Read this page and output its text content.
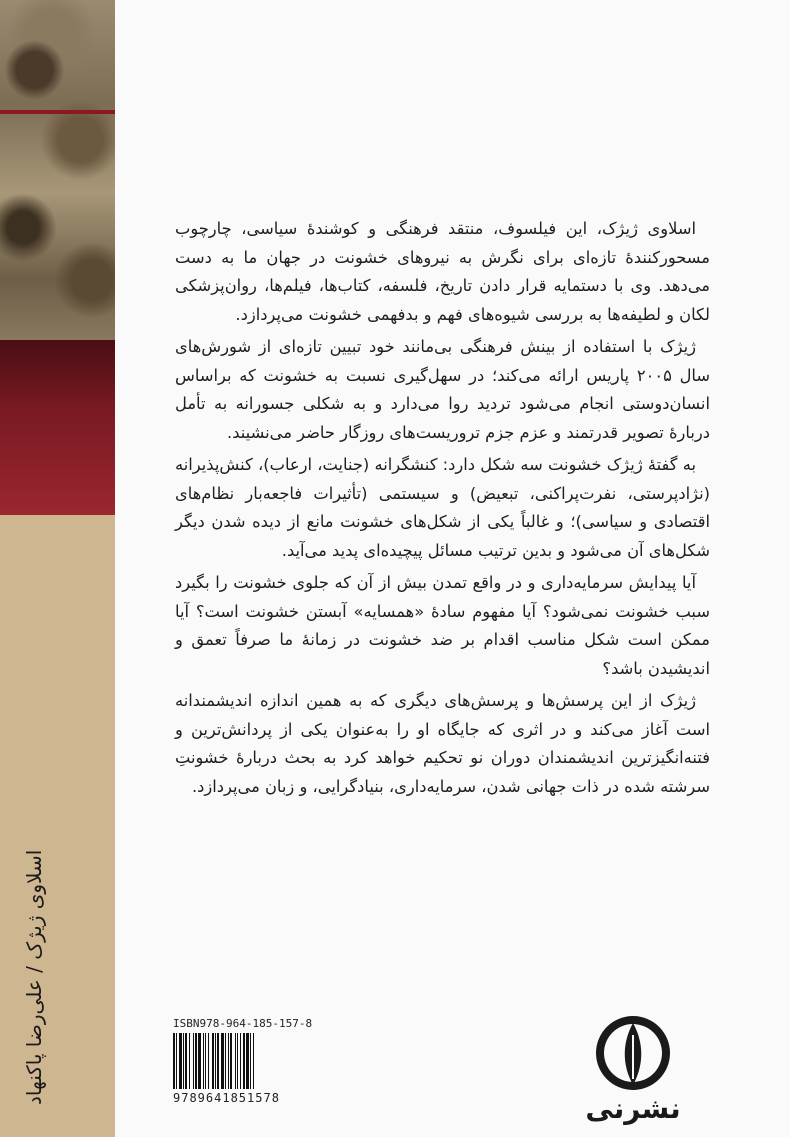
اسلاوی ژیژک / علی‌رضا پاکنهاد

اسلاوی ژیژک، این فیلسوف، منتقد فرهنگی و کوشندهٔ سیاسی، چارچوب مسحورکنندهٔ تازه‌ای برای نگرش به نیروهای خشونت در جهان ما به دست می‌دهد. وی با دستمایه قرار دادن تاریخ، فلسفه، کتاب‌ها، فیلم‌ها، روان‌پزشکی لکان و لطیفه‌ها به بررسی شیوه‌های فهم و بدفهمی خشونت می‌پردازد.

ژیژک با استفاده از بینش فرهنگی بی‌مانند خود تبیین تازه‌ای از شورش‌های سال ۲۰۰۵ پاریس ارائه می‌کند؛ در سهل‌گیری نسبت به خشونت که براساس انسان‌دوستی انجام می‌شود تردید روا می‌دارد و به شکلی جسورانه به تأمل دربارهٔ تصویر قدرتمند و عزم جزم تروریست‌های روزگار حاضر می‌نشیند.

به گفتهٔ ژیژک خشونت سه شکل دارد: کنشگرانه (جنایت، ارعاب)، کنش‌پذیرانه (نژادپرستی، نفرت‌پراکنی، تبعیض) و سیستمی (تأثیرات فاجعه‌بار نظام‌های اقتصادی و سیاسی)؛ و غالباً یکی از شکل‌های خشونت مانع از دیده شدن دیگر شکل‌های آن می‌شود و بدین ترتیب مسائل پیچیده‌ای پدید می‌آید.

آیا پیدایش سرمایه‌داری و در واقع تمدن بیش از آن که جلوی خشونت را بگیرد سبب خشونت نمی‌شود؟ آیا مفهوم سادهٔ «همسایه» آبستن خشونت است؟ آیا ممکن است شکل مناسب اقدام بر ضد خشونت در زمانهٔ ما صرفاً تعمق و اندیشیدن باشد؟

ژیژک از این پرسش‌ها و پرسش‌های دیگری که به همین اندازه اندیشمندانه است آغاز می‌کند و در اثری که جایگاه او را به‌عنوان یکی از پردانش‌ترین و فتنه‌انگیزترین اندیشمندان دوران نو تحکیم خواهد کرد به بحث دربارهٔ خشونتِ سرشته شده در ذات جهانی شدن، سرمایه‌داری، بنیادگرایی، و زبان می‌پردازد.

ISBN978-964-185-157-8
9789641851578	نشرنی
